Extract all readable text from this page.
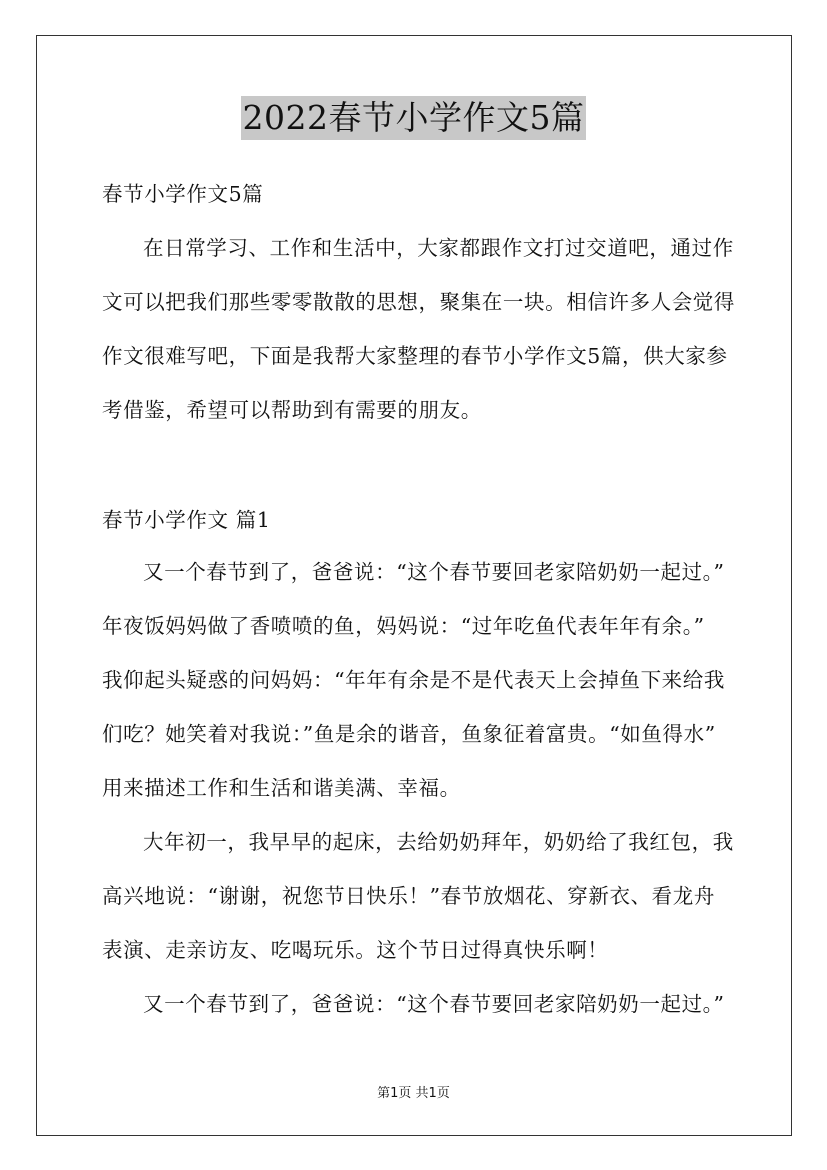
2022春节小学作文5篇
春节小学作文5篇
在日常学习、工作和生活中，大家都跟作文打过交道吧，通过作
文可以把我们那些零零散散的思想，聚集在一块。相信许多人会觉得
作文很难写吧，下面是我帮大家整理的春节小学作文5篇，供大家参
考借鉴，希望可以帮助到有需要的朋友。
春节小学作文 篇1
又一个春节到了，爸爸说：“这个春节要回老家陪奶奶一起过。”
年夜饭妈妈做了香喷喷的鱼，妈妈说：“过年吃鱼代表年年有余。”
我仰起头疑惑的问妈妈：“年年有余是不是代表天上会掉鱼下来给我
们吃？她笑着对我说：”鱼是余的谐音，鱼象征着富贵。“如鱼得水”
用来描述工作和生活和谐美满、幸福。
大年初一，我早早的起床，去给奶奶拜年，奶奶给了我红包，我
高兴地说：“谢谢，祝您节日快乐！”春节放烟花、穿新衣、看龙舟
表演、走亲访友、吃喝玩乐。这个节日过得真快乐啊！
又一个春节到了，爸爸说：“这个春节要回老家陪奶奶一起过。”
第1页 共1页
